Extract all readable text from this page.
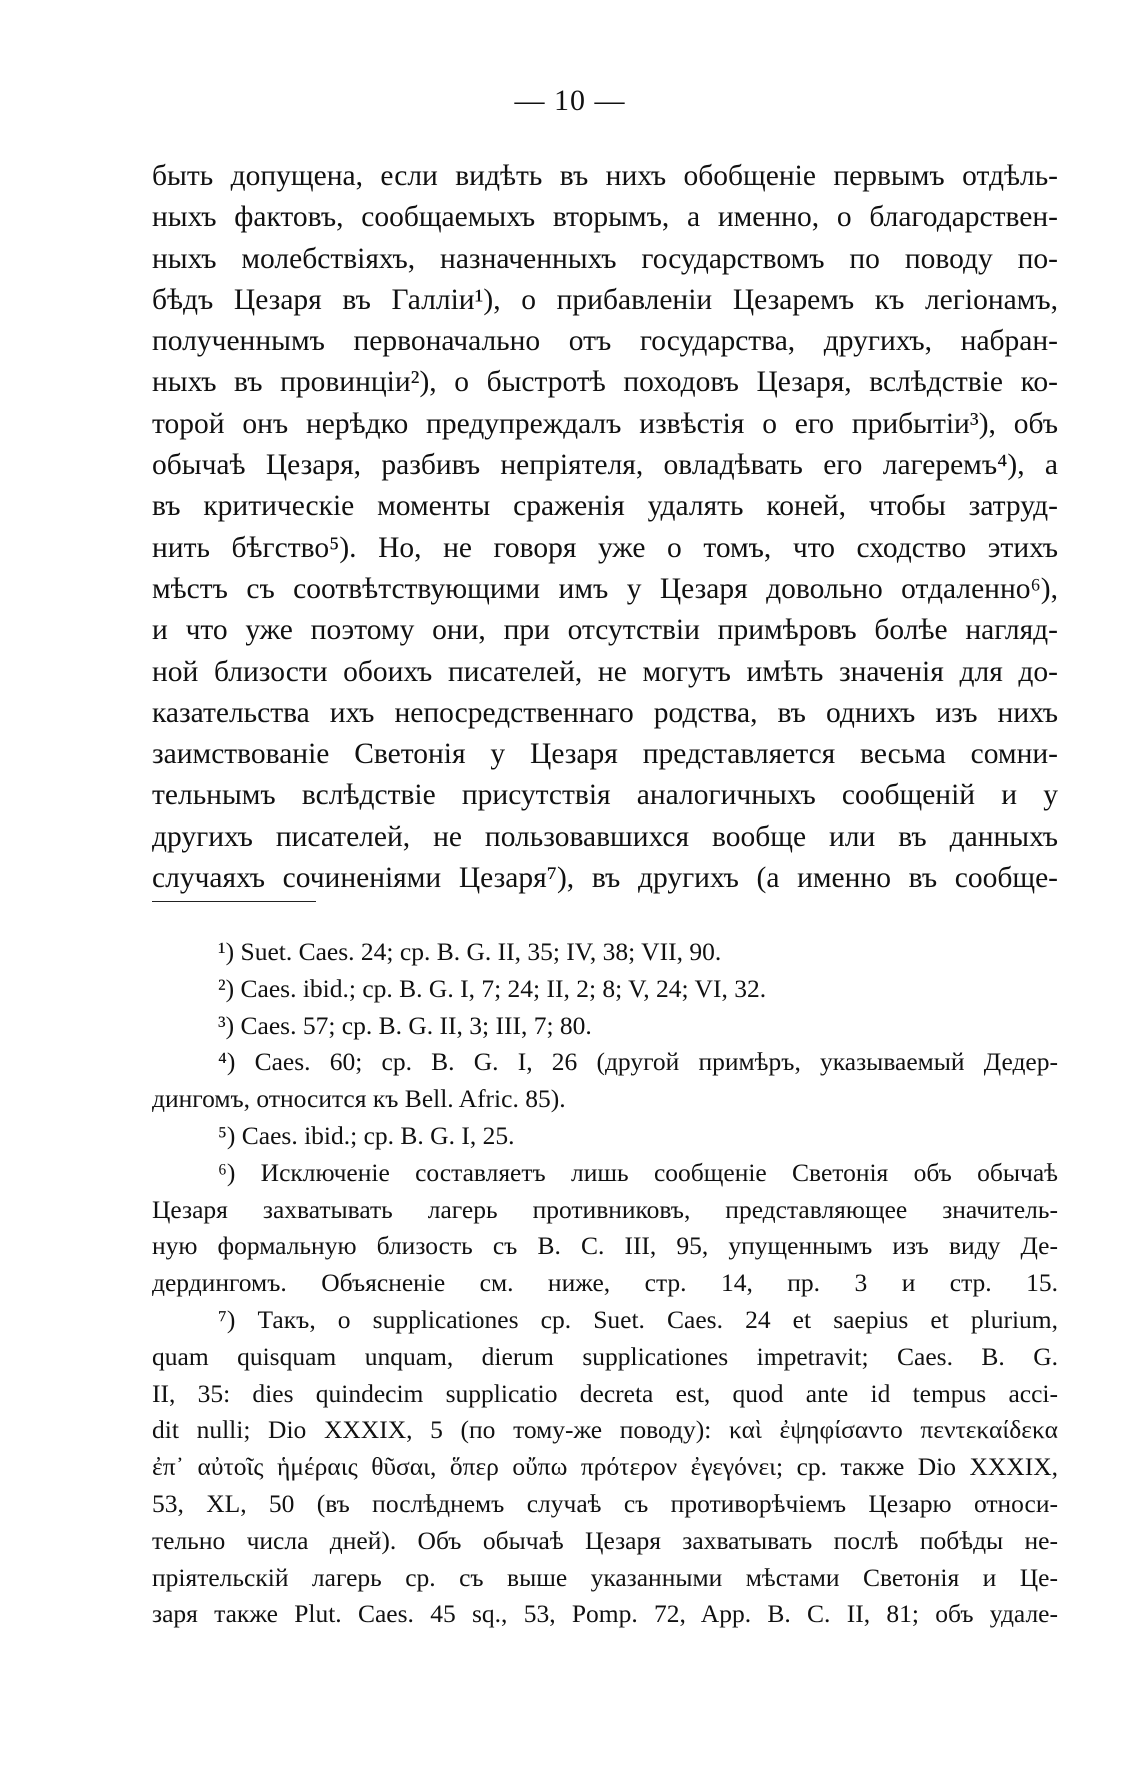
— 10 —
быть допущена, если видѣть въ нихъ обобщеніе первымъ отдѣль-
ныхъ фактовъ, сообщаемыхъ вторымъ, а именно, о благодарствен-
ныхъ молебствіяхъ, назначенныхъ государствомъ по поводу по-
бѣдъ Цезаря въ Галліи¹), о прибавленіи Цезаремъ къ легіонамъ,
полученнымъ первоначально отъ государства, другихъ, набран-
ныхъ въ провинціи²), о быстротѣ походовъ Цезаря, вслѣдствіе ко-
торой онъ нерѣдко предупреждалъ извѣстія о его прибытіи³), объ
обычаѣ Цезаря, разбивъ непріятеля, овладѣвать его лагеремъ⁴), а
въ критическіе моменты сраженія удалять коней, чтобы затруд-
нить бѣгство⁵). Но, не говоря уже о томъ, что сходство этихъ
мѣстъ съ соотвѣтствующими имъ у Цезаря довольно отдаленно⁶),
и что уже поэтому они, при отсутствіи примѣровъ болѣе нагляд-
ной близости обоихъ писателей, не могутъ имѣть значенія для до-
казательства ихъ непосредственнаго родства, въ однихъ изъ нихъ
заимствованіе Светонія у Цезаря представляется весьма сомни-
тельнымъ вслѣдствіе присутствія аналогичныхъ сообщеній и у
другихъ писателей, не пользовавшихся вообще или въ данныхъ
случаяхъ сочиненіями Цезаря⁷), въ другихъ (а именно въ сообще-
¹) Suet. Caes. 24; cp. B. G. II, 35; IV, 38; VII, 90.
²) Caes. ibid.; cp. B. G. I, 7; 24; II, 2; 8; V, 24; VI, 32.
³) Caes. 57; cp. B. G. II, 3; III, 7; 80.
⁴) Caes. 60; cp. B. G. I, 26 (другой примѣръ, указываемый Дедер-
дингомъ, относится къ Bell. Afric. 85).
⁵) Caes. ibid.; cp. B. G. I, 25.
⁶) Исключеніе составляетъ лишь сообщеніе Светонія объ обычаѣ
Цезаря захватывать лагерь противниковъ, представляющее значитель-
ную формальную близость съ B. C. III, 95, упущеннымъ изъ виду Де-
дердингомъ. Объясненіе см. ниже, стр. 14, пр. 3 и стр. 15.
⁷) Такъ, о supplicationes cp. Suet. Caes. 24 et saepius et plurium,
quam quisquam unquam, dierum supplicationes impetravit; Caes. B. G.
II, 35: dies quindecim supplicatio decreta est, quod ante id tempus acci-
dit nulli; Dio XXXIX, 5 (по тому-же поводу): καὶ ἐψηφίσαντο πεντεκαίδεκα
ἐπ᾽ αὐτοῖς ἡμέραις θῦσαι, ὅπερ οὔπω πρότερον ἐγεγόνει; cp. также Dio XXXIX,
53, XL, 50 (въ послѣднемъ случаѣ съ противорѣчіемъ Цезарю относи-
тельно числа дней). Объ обычаѣ Цезаря захватывать послѣ побѣды не-
пріятельскій лагерь cp. съ выше указанными мѣстами Светонія и Це-
заря также Plut. Caes. 45 sq., 53, Pomp. 72, App. B. C. II, 81; объ удале-
